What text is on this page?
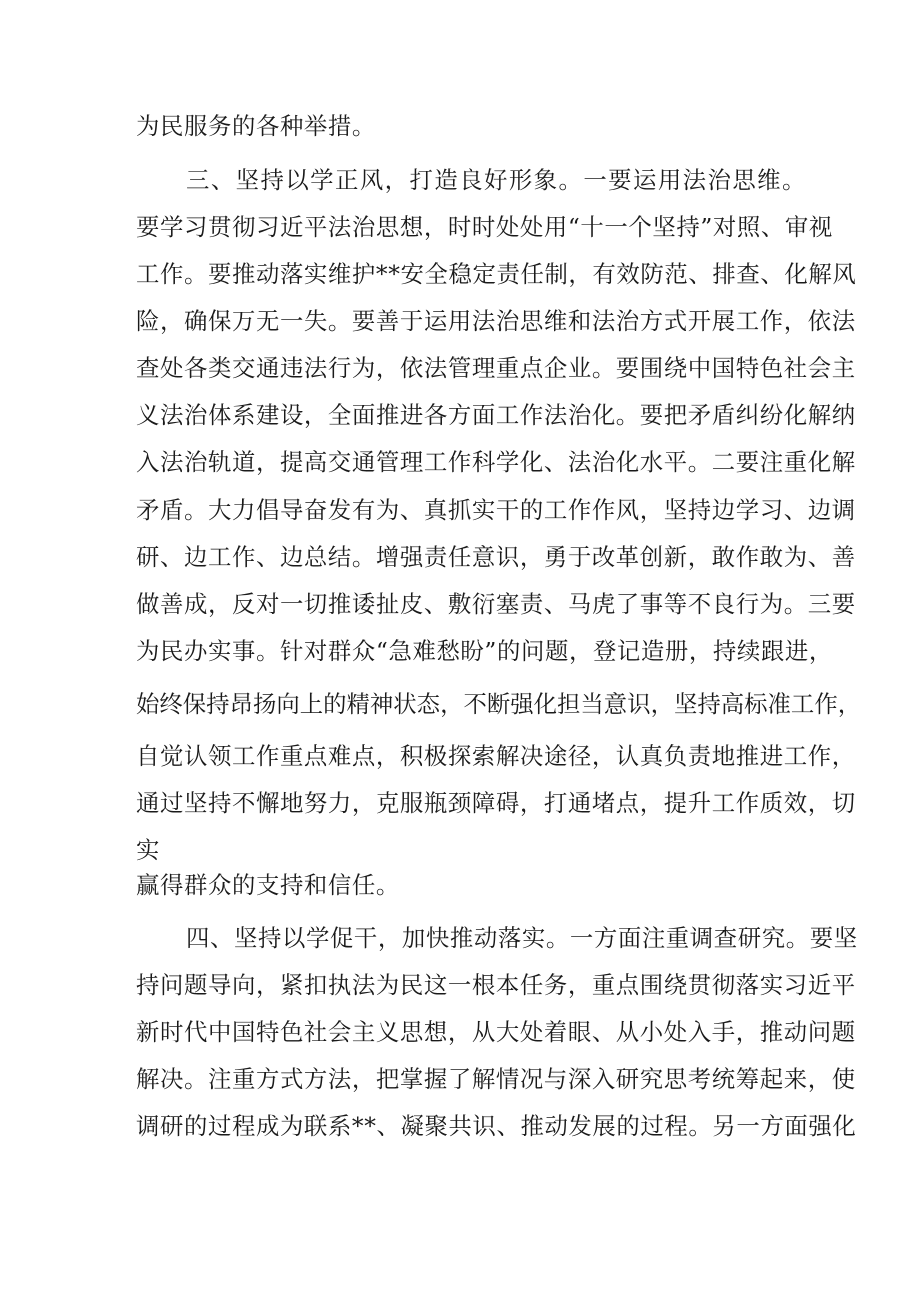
为民服务的各种举措。
三、坚持以学正风，打造良好形象。一要运用法治思维。
要学习贯彻习近平法治思想，时时处处用“十一个坚持”对照、审视
工作。要推动落实维护**安全稳定责任制，有效防范、排查、化解风
险，确保万无一失。要善于运用法治思维和法治方式开展工作，依法
查处各类交通违法行为，依法管理重点企业。要围绕中国特色社会主
义法治体系建设，全面推进各方面工作法治化。要把矛盾纠纷化解纳
入法治轨道，提高交通管理工作科学化、法治化水平。二要注重化解
矛盾。大力倡导奋发有为、真抓实干的工作作风，坚持边学习、边调
研、边工作、边总结。增强责任意识，勇于改革创新，敢作敢为、善
做善成，反对一切推诿扯皮、敷衍塞责、马虎了事等不良行为。三要
为民办实事。针对群众“急难愁盼”的问题，登记造册，持续跟进，
始终保持昂扬向上的精神状态，不断强化担当意识，坚持高标准工作，
自觉认领工作重点难点，积极探索解决途径，认真负责地推进工作，
通过坚持不懈地努力，克服瓶颈障碍，打通堵点，提升工作质效，切
实
赢得群众的支持和信任。
四、坚持以学促干，加快推动落实。一方面注重调查研究。要坚
持问题导向，紧扣执法为民这一根本任务，重点围绕贯彻落实习近平
新时代中国特色社会主义思想，从大处着眼、从小处入手，推动问题
解决。注重方式方法，把掌握了解情况与深入研究思考统筹起来，使
调研的过程成为联系**、凝聚共识、推动发展的过程。另一方面强化
